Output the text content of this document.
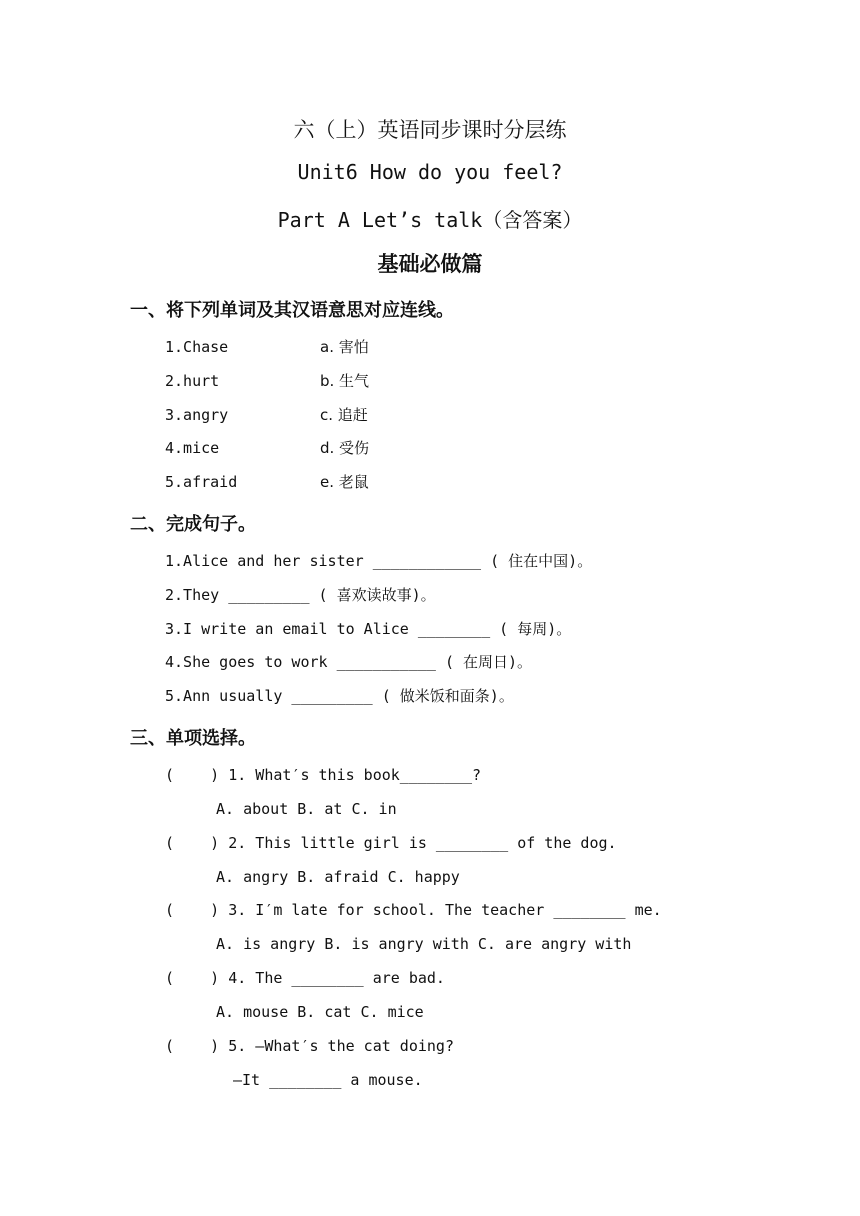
六（上）英语同步课时分层练
Unit6 How do you feel?
Part A Let’s talk（含答案）
基础必做篇
一、将下列单词及其汉语意思对应连线。
1.Chase
2.hurt
3.angry
4.mice
5.afraid
a. 害怕
b. 生气
c. 追赶
d. 受伤
e. 老鼠
二、完成句子。
1.Alice and her sister ____________ ( 住在中国)。
2.They _________ ( 喜欢读故事)。
3.I write an email to Alice ________ ( 每周)。
4.She goes to work ___________ ( 在周日)。
5.Ann usually _________ ( 做米饭和面条)。
三、单项选择。
(    ) 1. What′s this book________?
A. about B. at C. in
(    ) 2. This little girl is ________ of the dog.
A. angry B. afraid C. happy
(    ) 3. I′m late for school. The teacher ________ me.
A. is angry B. is angry with C. are angry with
(    ) 4. The ________ are bad.
A. mouse B. cat C. mice
(    ) 5. —What′s the cat doing?
—It ________ a mouse.
